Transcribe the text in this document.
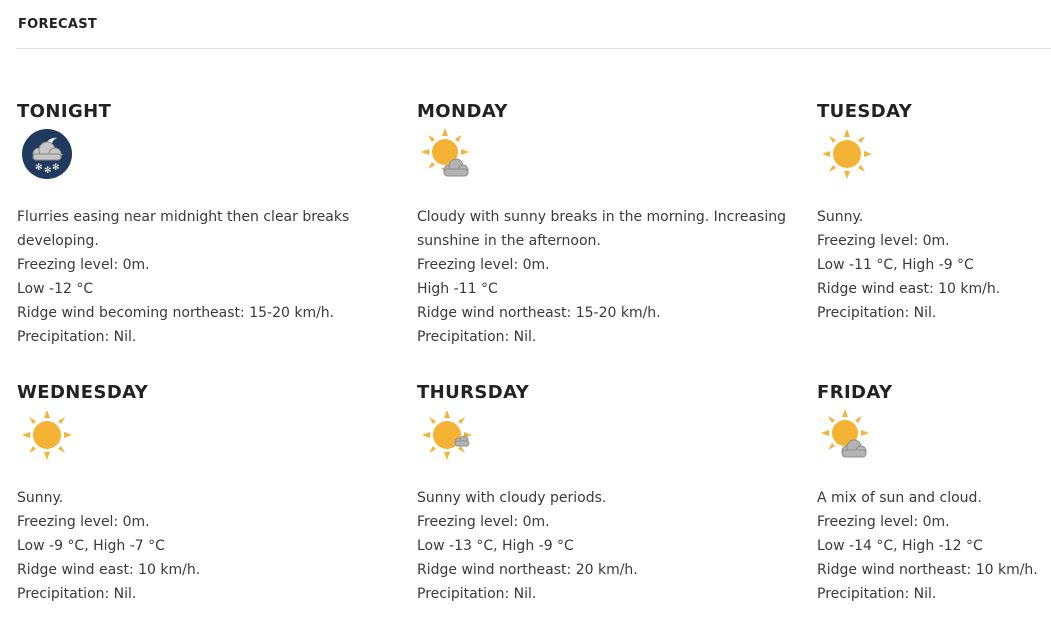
FORECAST
TONIGHT
✻ ✻ ✻
Flurries easing near midnight then clear breaks developing.
Freezing level: 0m.
Low -12 °C
Ridge wind becoming northeast: 15-20 km/h.
Precipitation: Nil.
MONDAY
Cloudy with sunny breaks in the morning. Increasing sunshine in the afternoon.
Freezing level: 0m.
High -11 °C
Ridge wind northeast: 15-20 km/h.
Precipitation: Nil.
TUESDAY
Sunny.
Freezing level: 0m.
Low -11 °C, High -9 °C
Ridge wind east: 10 km/h.
Precipitation: Nil.
WEDNESDAY
Sunny.
Freezing level: 0m.
Low -9 °C, High -7 °C
Ridge wind east: 10 km/h.
Precipitation: Nil.
THURSDAY
Sunny with cloudy periods.
Freezing level: 0m.
Low -13 °C, High -9 °C
Ridge wind northeast: 20 km/h.
Precipitation: Nil.
FRIDAY
A mix of sun and cloud.
Freezing level: 0m.
Low -14 °C, High -12 °C
Ridge wind northeast: 10 km/h.
Precipitation: Nil.
